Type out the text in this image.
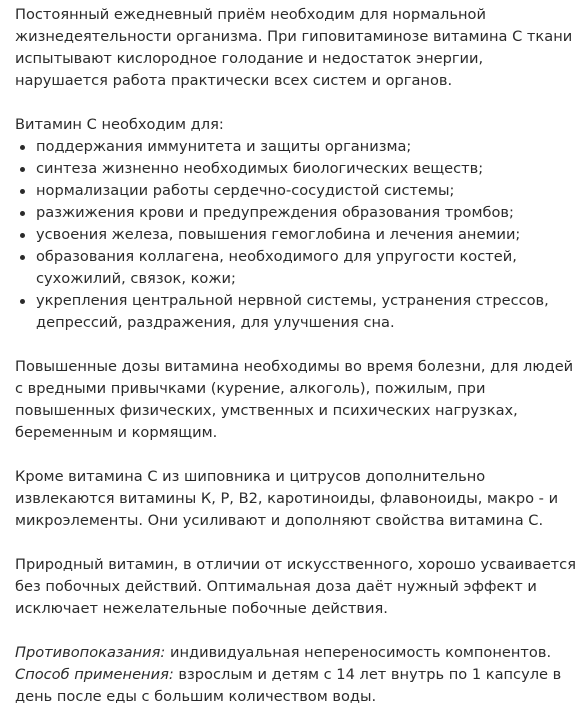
Постоянный ежедневный приём необходим для нормальной жизнедеятельности организма. При гиповитаминозе витамина С ткани испытывают кислородное голодание и недостаток энергии, нарушается работа практически всех систем и органов.

Витамин С необходим для:

поддержания иммунитета и защиты организма;
синтеза жизненно необходимых биологических веществ;
нормализации работы сердечно-сосудистой системы;
разжижения крови и предупреждения образования тромбов;
усвоения железа, повышения гемоглобина и лечения анемии;
образования коллагена, необходимого для упругости костей, сухожилий, связок, кожи;
укрепления центральной нервной системы, устранения стрессов, депрессий, раздражения, для улучшения сна.

Повышенные дозы витамина необходимы во время болезни, для людей с вредными привычками (курение, алкоголь), пожилым, при повышенных физических, умственных и психических нагрузках, беременным и кормящим.

Кроме витамина С из шиповника и цитрусов дополнительно извлекаются витамины К, Р, В2, каротиноиды, флавоноиды, макро - и микроэлементы. Они усиливают и дополняют свойства витамина С.

Природный витамин, в отличии от искусственного, хорошо усваивается без побочных действий. Оптимальная доза даёт нужный эффект и исключает нежелательные побочные действия.

Противопоказания: индивидуальная непереносимость компонентов.

Способ применения: взрослым и детям с 14 лет внутрь по 1 капсуле в день после еды с большим количеством воды.
